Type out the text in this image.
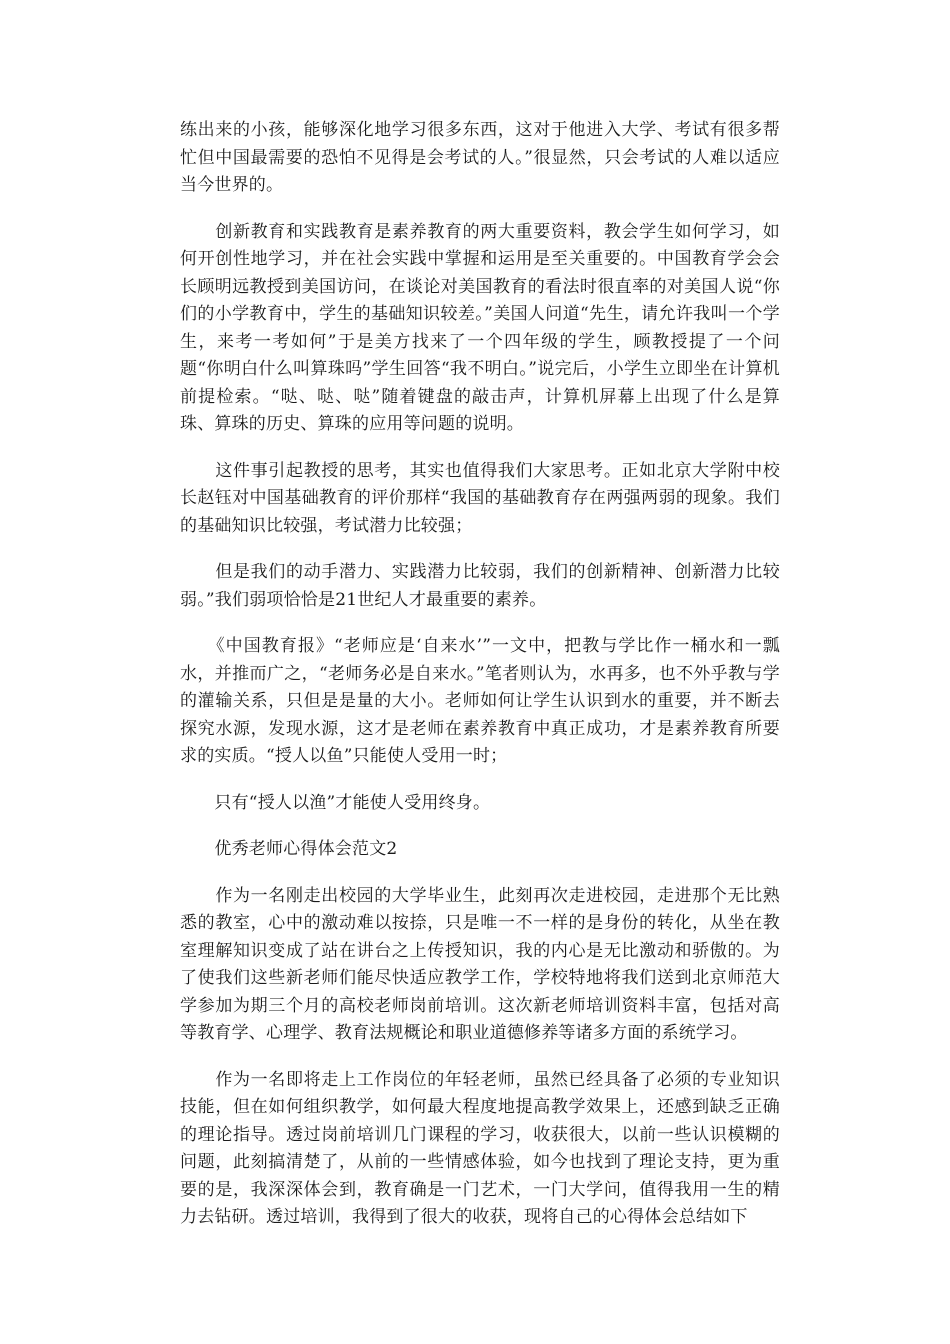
练出来的小孩，能够深化地学习很多东西，这对于他进入大学、考试有很多帮忙但中国最需要的恐怕不见得是会考试的人。”很显然，只会考试的人难以适应当今世界的。

　　创新教育和实践教育是素养教育的两大重要资料，教会学生如何学习，如何开创性地学习，并在社会实践中掌握和运用是至关重要的。中国教育学会会长顾明远教授到美国访问，在谈论对美国教育的看法时很直率的对美国人说“你们的小学教育中，学生的基础知识较差。”美国人问道“先生，请允许我叫一个学生，来考一考如何”于是美方找来了一个四年级的学生，顾教授提了一个问题“你明白什么叫算珠吗”学生回答“我不明白。”说完后，小学生立即坐在计算机前提检索。“哒、哒、哒”随着键盘的敲击声，计算机屏幕上出现了什么是算珠、算珠的历史、算珠的应用等问题的说明。

　　这件事引起教授的思考，其实也值得我们大家思考。正如北京大学附中校长赵钰对中国基础教育的评价那样“我国的基础教育存在两强两弱的现象。我们的基础知识比较强，考试潜力比较强；

　　但是我们的动手潜力、实践潜力比较弱，我们的创新精神、创新潜力比较弱。”我们弱项恰恰是21世纪人才最重要的素养。

　　《中国教育报》“老师应是‘自来水’”一文中，把教与学比作一桶水和一瓢水，并推而广之，“老师务必是自来水。”笔者则认为，水再多，也不外乎教与学的灌输关系，只但是是量的大小。老师如何让学生认识到水的重要，并不断去探究水源，发现水源，这才是老师在素养教育中真正成功，才是素养教育所要求的实质。“授人以鱼”只能使人受用一时；

　　只有“授人以渔”才能使人受用终身。

　　优秀老师心得体会范文2

　　作为一名刚走出校园的大学毕业生，此刻再次走进校园，走进那个无比熟悉的教室，心中的激动难以按捺，只是唯一不一样的是身份的转化，从坐在教室理解知识变成了站在讲台之上传授知识，我的内心是无比激动和骄傲的。为了使我们这些新老师们能尽快适应教学工作，学校特地将我们送到北京师范大学参加为期三个月的高校老师岗前培训。这次新老师培训资料丰富，包括对高等教育学、心理学、教育法规概论和职业道德修养等诸多方面的系统学习。

　　作为一名即将走上工作岗位的年轻老师，虽然已经具备了必须的专业知识技能，但在如何组织教学，如何最大程度地提高教学效果上，还感到缺乏正确的理论指导。透过岗前培训几门课程的学习，收获很大，以前一些认识模糊的问题，此刻搞清楚了，从前的一些情感体验，如今也找到了理论支持，更为重要的是，我深深体会到，教育确是一门艺术，一门大学问，值得我用一生的精力去钻研。透过培训，我得到了很大的收获，现将自己的心得体会总结如下
